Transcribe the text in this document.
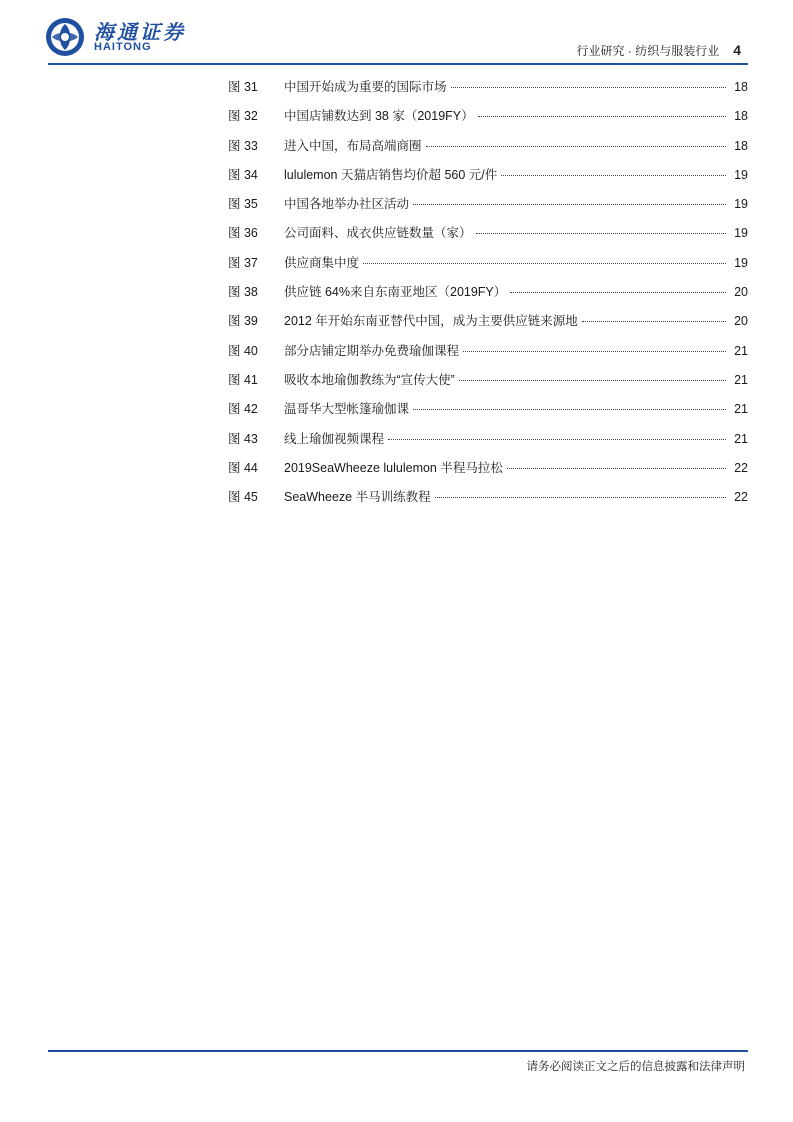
海通证券
HAITONG	行业研究 · 纺织与服装行业 4
图 31	中国开始成为重要的国际市场	18
图 32	中国店铺数达到 38 家（2019FY）	18
图 33	进入中国，布局高端商圈	18
图 34	lululemon 天猫店销售均价超 560 元/件	19
图 35	中国各地举办社区活动	19
图 36	公司面料、成衣供应链数量（家）	19
图 37	供应商集中度	19
图 38	供应链 64%来自东南亚地区（2019FY）	20
图 39	2012 年开始东南亚替代中国，成为主要供应链来源地	20
图 40	部分店铺定期举办免费瑜伽课程	21
图 41	吸收本地瑜伽教练为“宣传大使”	21
图 42	温哥华大型帐篷瑜伽课	21
图 43	线上瑜伽视频课程	21
图 44	2019SeaWheeze lululemon 半程马拉松	22
图 45	SeaWheeze 半马训练教程	22
请务必阅读正文之后的信息披露和法律声明
